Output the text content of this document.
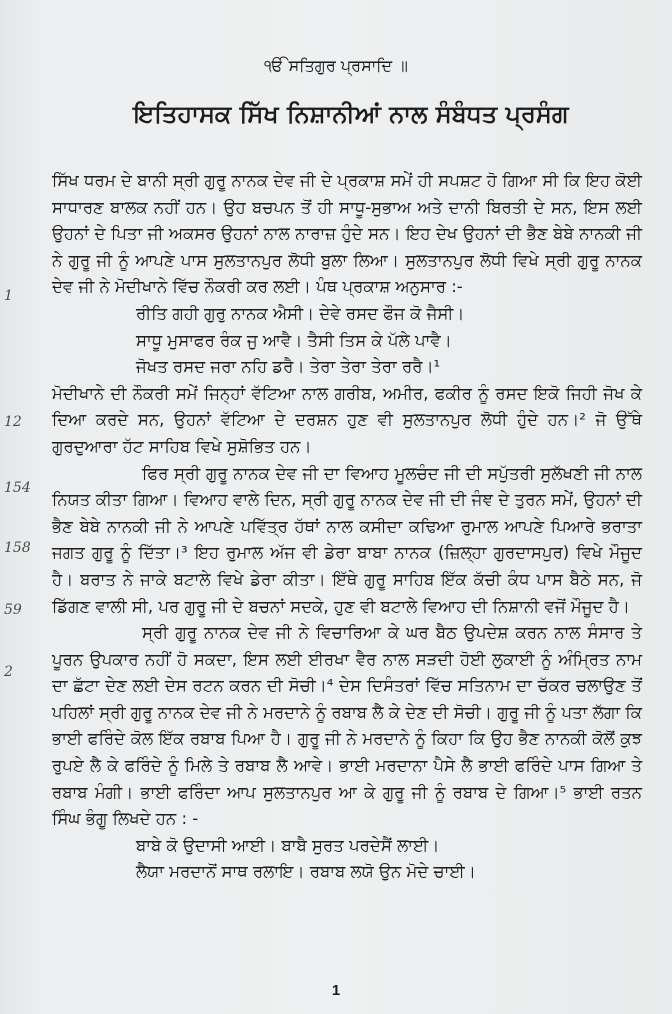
1
12
154
158
59
2
ੴ ਸਤਿਗੁਰ ਪ੍ਰਸਾਦਿ ॥
ਇਤਿਹਾਸਕ ਸਿੱਖ ਨਿਸ਼ਾਨੀਆਂ ਨਾਲ ਸੰਬੰਧਤ ਪ੍ਰਸੰਗ

ਸਿੱਖ ਧਰਮ ਦੇ ਬਾਨੀ ਸ੍ਰੀ ਗੁਰੂ ਨਾਨਕ ਦੇਵ ਜੀ ਦੇ ਪ੍ਰਕਾਸ਼ ਸਮੇਂ ਹੀ ਸਪਸ਼ਟ ਹੋ ਗਿਆ ਸੀ ਕਿ ਇਹ ਕੋਈ ਸਾਧਾਰਣ ਬਾਲਕ ਨਹੀਂ ਹਨ। ਉਹ ਬਚਪਨ ਤੋਂ ਹੀ ਸਾਧੂ-ਸੁਭਾਅ ਅਤੇ ਦਾਨੀ ਬਿਰਤੀ ਦੇ ਸਨ, ਇਸ ਲਈ ਉਹਨਾਂ ਦੇ ਪਿਤਾ ਜੀ ਅਕਸਰ ਉਹਨਾਂ ਨਾਲ ਨਾਰਾਜ਼ ਹੁੰਦੇ ਸਨ। ਇਹ ਦੇਖ ਉਹਨਾਂ ਦੀ ਭੈਣ ਬੇਬੇ ਨਾਨਕੀ ਜੀ ਨੇ ਗੁਰੂ ਜੀ ਨੂੰ ਆਪਣੇ ਪਾਸ ਸੁਲਤਾਨਪੁਰ ਲੋਧੀ ਬੁਲਾ ਲਿਆ। ਸੁਲਤਾਨਪੁਰ ਲੋਧੀ ਵਿਖੇ ਸ੍ਰੀ ਗੁਰੂ ਨਾਨਕ ਦੇਵ ਜੀ ਨੇ ਮੋਦੀਖਾਨੇ ਵਿੱਚ ਨੌਕਰੀ ਕਰ ਲਈ। ਪੰਥ ਪ੍ਰਕਾਸ਼ ਅਨੁਸਾਰ :-

ਰੀਤਿ ਗਹੀ ਗੁਰੁ ਨਾਨਕ ਐਸੀ। ਦੇਵੇ ਰਸਦ ਫੌਜ ਕੋ ਜੈਸੀ।

ਸਾਧੂ ਮੁਸਾਫਰ ਰੰਕ ਜੁ ਆਵੈ। ਤੈਸੀ ਤਿਸ ਕੇ ਪੱਲੇ ਪਾਵੈ।

ਜੋਖਤ ਰਸਦ ਜਰਾ ਨਹਿ ਡਰੈ। ਤੇਰਾ ਤੇਰਾ ਤੇਰਾ ਰਰੈ।¹

ਮੋਦੀਖਾਨੇ ਦੀ ਨੌਕਰੀ ਸਮੇਂ ਜਿਨ੍ਹਾਂ ਵੱਟਿਆ ਨਾਲ ਗਰੀਬ, ਅਮੀਰ, ਫਕੀਰ ਨੂੰ ਰਸਦ ਇਕੋ ਜਿਹੀ ਜੋਖ ਕੇ ਦਿਆ ਕਰਦੇ ਸਨ, ਉਹਨਾਂ ਵੱਟਿਆ ਦੇ ਦਰਸ਼ਨ ਹੁਣ ਵੀ ਸੁਲਤਾਨਪੁਰ ਲੋਧੀ ਹੁੰਦੇ ਹਨ।² ਜੋ ਉੱਥੇ ਗੁਰਦੁਆਰਾ ਹੱਟ ਸਾਹਿਬ ਵਿਖੇ ਸੁਸ਼ੋਭਿਤ ਹਨ।

ਫਿਰ ਸ੍ਰੀ ਗੁਰੂ ਨਾਨਕ ਦੇਵ ਜੀ ਦਾ ਵਿਆਹ ਮੂਲਚੰਦ ਜੀ ਦੀ ਸਪੁੱਤਰੀ ਸੁਲੱਖਣੀ ਜੀ ਨਾਲ ਨਿਯਤ ਕੀਤਾ ਗਿਆ। ਵਿਆਹ ਵਾਲੇ ਦਿਨ, ਸ੍ਰੀ ਗੁਰੂ ਨਾਨਕ ਦੇਵ ਜੀ ਦੀ ਜੰਞ ਦੇ ਤੁਰਨ ਸਮੇਂ, ਉਹਨਾਂ ਦੀ ਭੈਣ ਬੇਬੇ ਨਾਨਕੀ ਜੀ ਨੇ ਆਪਣੇ ਪਵਿੱਤ੍ਰ ਹੱਥਾਂ ਨਾਲ ਕਸੀਦਾ ਕਢਿਆ ਰੁਮਾਲ ਆਪਣੇ ਪਿਆਰੇ ਭਰਾਤਾ ਜਗਤ ਗੁਰੂ ਨੂੰ ਦਿੱਤਾ।³ ਇਹ ਰੁਮਾਲ ਅੱਜ ਵੀ ਡੇਰਾ ਬਾਬਾ ਨਾਨਕ (ਜ਼ਿਲ੍ਹਾ ਗੁਰਦਾਸਪੁਰ) ਵਿਖੇ ਮੌਜੂਦ ਹੈ। ਬਰਾਤ ਨੇ ਜਾਕੇ ਬਟਾਲੇ ਵਿਖੇ ਡੇਰਾ ਕੀਤਾ। ਇੱਥੇ ਗੁਰੂ ਸਾਹਿਬ ਇੱਕ ਕੱਚੀ ਕੰਧ ਪਾਸ ਬੈਠੇ ਸਨ, ਜੋ ਡਿੱਗਣ ਵਾਲੀ ਸੀ, ਪਰ ਗੁਰੂ ਜੀ ਦੇ ਬਚਨਾਂ ਸਦਕੇ, ਹੁਣ ਵੀ ਬਟਾਲੇ ਵਿਆਹ ਦੀ ਨਿਸ਼ਾਨੀ ਵਜੋਂ ਮੌਜੂਦ ਹੈ।

ਸ੍ਰੀ ਗੁਰੂ ਨਾਨਕ ਦੇਵ ਜੀ ਨੇ ਵਿਚਾਰਿਆ ਕੇ ਘਰ ਬੈਠ ਉਪਦੇਸ਼ ਕਰਨ ਨਾਲ ਸੰਸਾਰ ਤੇ ਪੂਰਨ ਉਪਕਾਰ ਨਹੀਂ ਹੋ ਸਕਦਾ, ਇਸ ਲਈ ਈਰਖਾ ਵੈਰ ਨਾਲ ਸੜਦੀ ਹੋਈ ਲੁਕਾਈ ਨੂੰ ਅੰਮ੍ਰਿਤ ਨਾਮ ਦਾ ਛੱਟਾ ਦੇਣ ਲਈ ਦੇਸ ਰਟਨ ਕਰਨ ਦੀ ਸੋਚੀ।⁴ ਦੇਸ ਦਿਸੰਤਰਾਂ ਵਿੱਚ ਸਤਿਨਾਮ ਦਾ ਚੱਕਰ ਚਲਾਉਣ ਤੋਂ ਪਹਿਲਾਂ ਸ੍ਰੀ ਗੁਰੂ ਨਾਨਕ ਦੇਵ ਜੀ ਨੇ ਮਰਦਾਨੇ ਨੂੰ ਰਬਾਬ ਲੈ ਕੇ ਦੇਣ ਦੀ ਸੋਚੀ। ਗੁਰੂ ਜੀ ਨੂੰ ਪਤਾ ਲੱਗਾ ਕਿ ਭਾਈ ਫਰਿੰਦੇ ਕੋਲ ਇੱਕ ਰਬਾਬ ਪਿਆ ਹੈ। ਗੁਰੂ ਜੀ ਨੇ ਮਰਦਾਨੇ ਨੂੰ ਕਿਹਾ ਕਿ ਉਹ ਭੈਣ ਨਾਨਕੀ ਕੋਲੋਂ ਕੁਝ ਰੁਪਏ ਲੈ ਕੇ ਫਰਿੰਦੇ ਨੂੰ ਮਿਲੇ ਤੇ ਰਬਾਬ ਲੈ ਆਵੇ। ਭਾਈ ਮਰਦਾਨਾ ਪੈਸੇ ਲੈ ਭਾਈ ਫਰਿੰਦੇ ਪਾਸ ਗਿਆ ਤੇ ਰਬਾਬ ਮੰਗੀ। ਭਾਈ ਫਰਿੰਦਾ ਆਪ ਸੁਲਤਾਨਪੁਰ ਆ ਕੇ ਗੁਰੂ ਜੀ ਨੂੰ ਰਬਾਬ ਦੇ ਗਿਆ।⁵ ਭਾਈ ਰਤਨ ਸਿੰਘ ਭੰਗੂ ਲਿਖਦੇ ਹਨ : -

ਬਾਬੇ ਕੋ ਉਦਾਸੀ ਆਈ। ਬਾਬੈ ਸੁਰਤ ਪਰਦੇਸੈਂ ਲਾਈ।

ਲੈਯਾ ਮਰਦਾਨੋਂ ਸਾਥ ਰਲਾਇ। ਰਬਾਬ ਲਯੋ ਉਨ ਮੋਦੇ ਚਾਈ।

1
